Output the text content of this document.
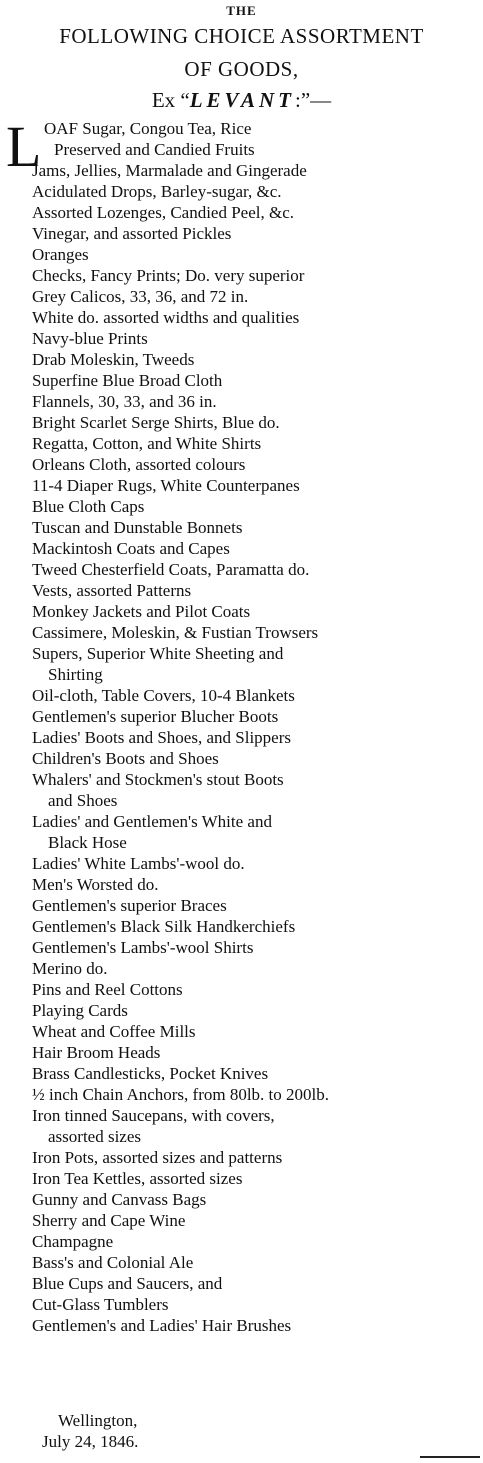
THE
FOLLOWING CHOICE ASSORTMENT
OF GOODS,
Ex “LEVANT:”—
L OAF Sugar, Congou Tea, Rice
Preserved and Candied Fruits
Jams, Jellies, Marmalade and Gingerade
Acidulated Drops, Barley-sugar, &c.
Assorted Lozenges, Candied Peel, &c.
Vinegar, and assorted Pickles
Oranges
Checks, Fancy Prints; Do. very superior
Grey Calicos, 33, 36, and 72 in.
White do. assorted widths and qualities
Navy-blue Prints
Drab Moleskin, Tweeds
Superfine Blue Broad Cloth
Flannels, 30, 33, and 36 in.
Bright Scarlet Serge Shirts, Blue do.
Regatta, Cotton, and White Shirts
Orleans Cloth, assorted colours
11-4 Diaper Rugs, White Counterpanes
Blue Cloth Caps
Tuscan and Dunstable Bonnets
Mackintosh Coats and Capes
Tweed Chesterfield Coats, Paramatta do.
Vests, assorted Patterns
Monkey Jackets and Pilot Coats
Cassimere, Moleskin, & Fustian Trowsers
Supers, Superior White Sheeting and
Shirting
Oil-cloth, Table Covers, 10-4 Blankets
Gentlemen's superior Blucher Boots
Ladies' Boots and Shoes, and Slippers
Children's Boots and Shoes
Whalers' and Stockmen's stout Boots
and Shoes
Ladies' and Gentlemen's White and
Black Hose
Ladies' White Lambs'-wool do.
Men's Worsted do.
Gentlemen's superior Braces
Gentlemen's Black Silk Handkerchiefs
Gentlemen's Lambs'-wool Shirts
Merino do.
Pins and Reel Cottons
Playing Cards
Wheat and Coffee Mills
Hair Broom Heads
Brass Candlesticks, Pocket Knives
½ inch Chain Anchors, from 80lb. to 200lb.
Iron tinned Saucepans, with covers,
assorted sizes
Iron Pots, assorted sizes and patterns
Iron Tea Kettles, assorted sizes
Gunny and Canvass Bags
Sherry and Cape Wine
Champagne
Bass's and Colonial Ale
Blue Cups and Saucers, and
Cut-Glass Tumblers
Gentlemen's and Ladies' Hair Brushes
Wellington,
July 24, 1846.
